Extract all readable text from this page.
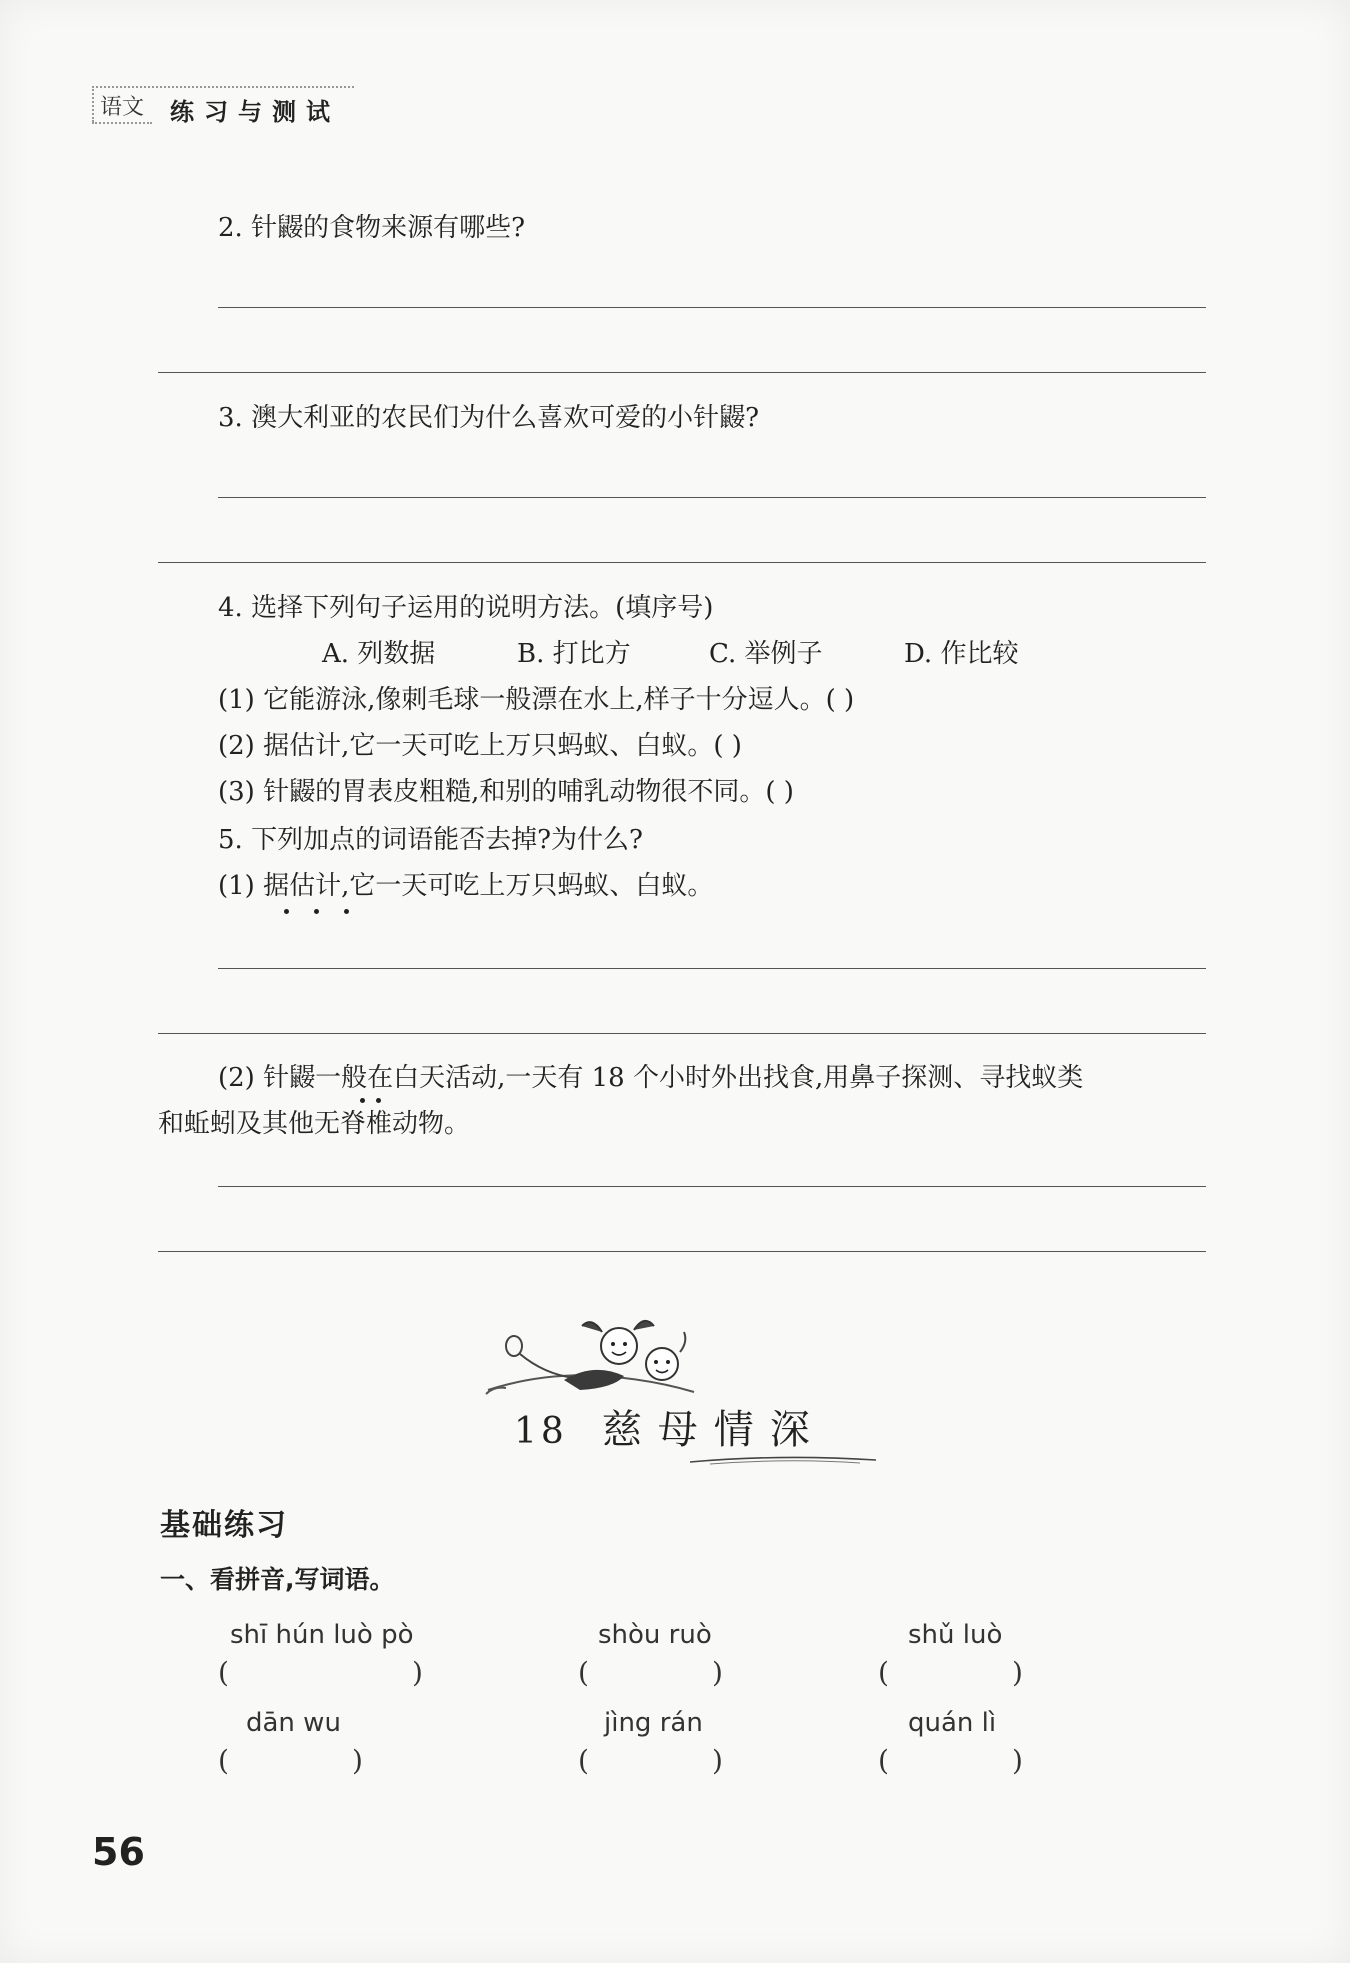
语文 练习与测试
2. 针鼹的食物来源有哪些?
3. 澳大利亚的农民们为什么喜欢可爱的小针鼹?
4. 选择下列句子运用的说明方法。(填序号)
A. 列数据	B. 打比方	C. 举例子	D. 作比较
(1) 它能游泳,像刺毛球一般漂在水上,样子十分逗人。( )
(2) 据估计,它一天可吃上万只蚂蚁、白蚁。( )
(3) 针鼹的胃表皮粗糙,和别的哺乳动物很不同。( )
5. 下列加点的词语能否去掉?为什么?
(1) 据估计,它一天可吃上万只蚂蚁、白蚁。
(2) 针鼹一般在白天活动,一天有 18 个小时外出找食,用鼻子探测、寻找蚁类
和蚯蚓及其他无脊椎动物。
18 慈母情深
基础练习
一、看拼音,写词语。
shī hún luò pò	shòu ruò	shǔ luò
(	)	(	)	(	)
dān wu	jìng rán	quán lì
(	)	(	)	(	)
56
